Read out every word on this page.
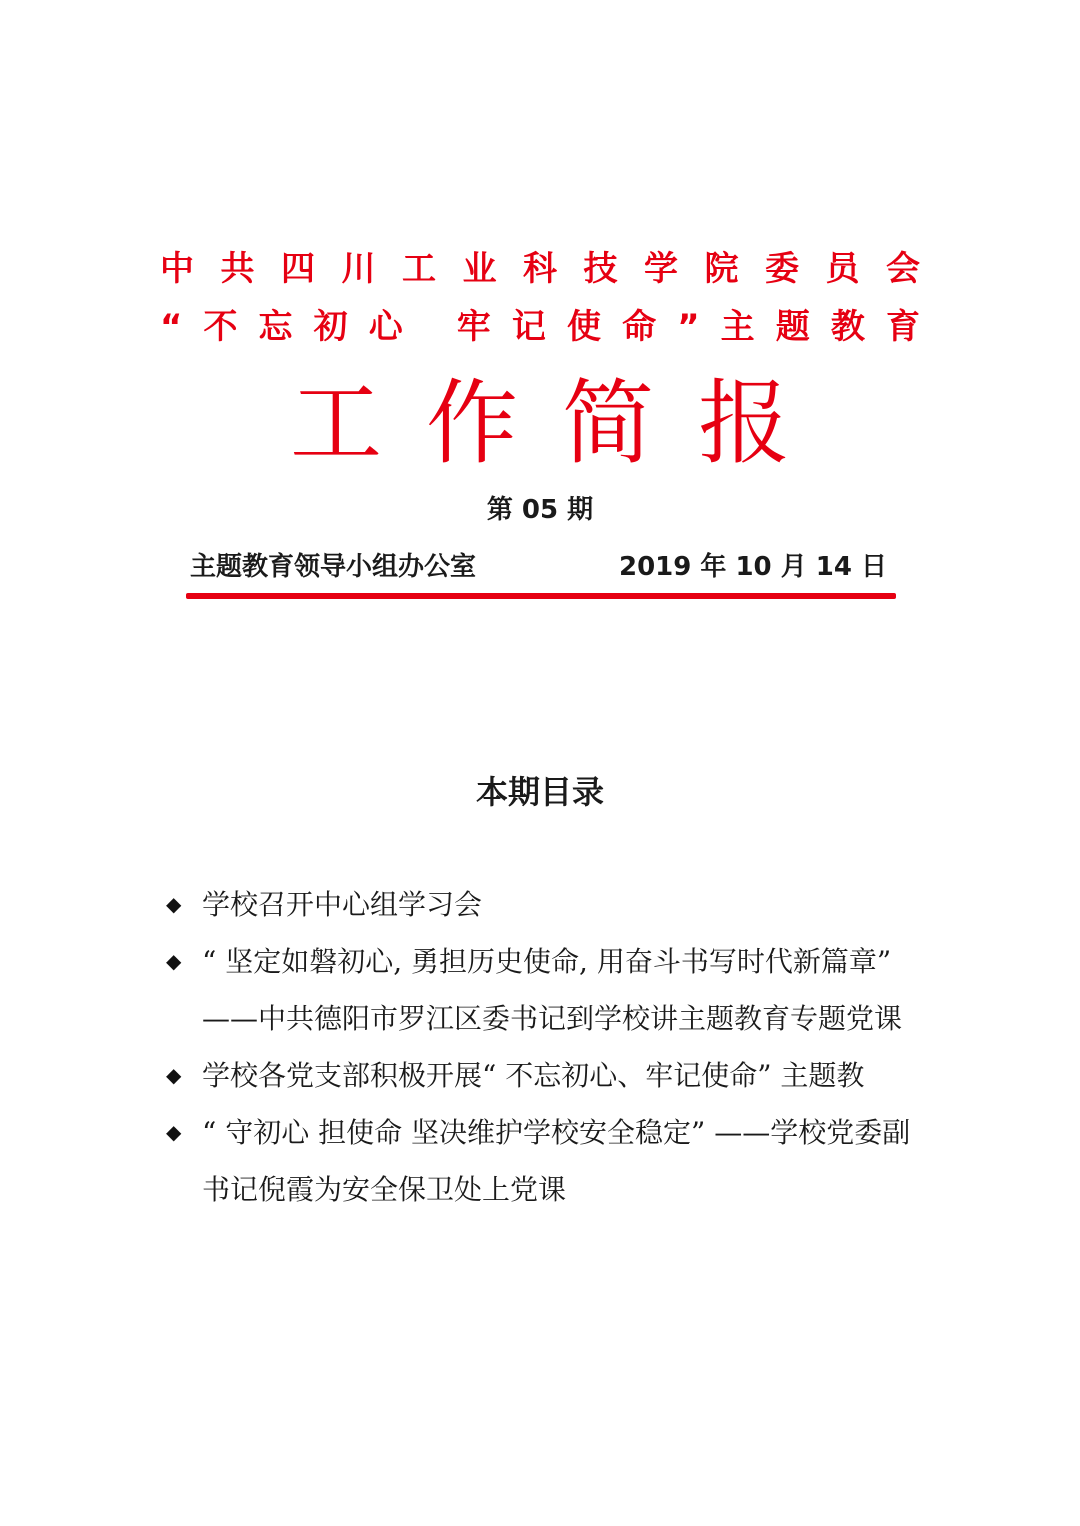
中共四川工业科技学院委员会
“不忘初心 牢记使命”主题教育
工作简报
第 05 期
主题教育领导小组办公室	2019 年 10 月 14 日
本期目录
◆ 学校召开中心组学习会
◆ “ 坚定如磐初心, 勇担历史使命, 用奋斗书写时代新篇章” ——中共德阳市罗江区委书记到学校讲主题教育专题党课
◆ 学校各党支部积极开展“ 不忘初心、牢记使命” 主题教
◆ “ 守初心 担使命 坚决维护学校安全稳定” ——学校党委副书记倪霞为安全保卫处上党课
